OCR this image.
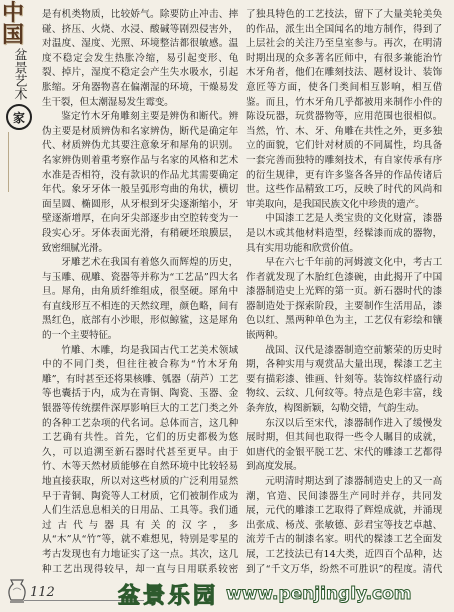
中国
盆景艺术
家

是有机类物质，比较娇气。除要防止冲击、摔碰、挤压、火烧、水浸、酸碱等剧烈侵害外，对温度、湿度、光照、环境整洁都很敏感。温度不稳定会发生热胀冷缩，易引起变形、龟裂、掉片，湿度不稳定会产生失水吸水，引起胀缩。牙角器物喜在偏潮湿的环境，干燥易发生干裂，但太潮湿易发生霉变。

鉴定竹木牙角雕刻主要是辨伪和断代。辨伪主要是材质辨伪和名家辨伪，断代是确定年代、材质辨伪尤其要注意象牙和犀角的识别。名家辨伪则着重考察作品与名家的风格和艺术水准是否相符，没有款识的作品尤其需要确定年代。象牙牙体一般呈弧形弯曲的角状，横切面呈圆、椭圆形，从牙根到牙尖逐渐缩小，牙壁逐渐增厚，在向牙尖部逐步由空腔转变为一段实心牙。牙体表面光滑，有稍硬坯琅膜层，致密细腻光滑。

牙雕艺术在我国有着悠久而辉煌的历史，与玉雕、砚雕、瓷器等并称为“工艺品”四大名旦。犀角，由角质纤维组成，很坚硬。犀角中有直线形互不相连的天然纹理，颜色略，间有黑红色，底部有小沙眼，形似鲸鲨，这是犀角的一个主要特征。

竹雕、木雕，均是我国古代工艺美术领域中的不同门类，但往往被合称为“竹木牙角雕”，有时甚至还将果核雕、瓠器（葫芦）工艺等也囊括于内，成为在青铜、陶瓷、玉器、金银器等传统摆件深厚影响巨大的工艺门类之外的各种工艺杂项的代名词。总体而言，这几种工艺确有共性。首先，它们的历史都极为悠久，可以追溯至新石器时代甚至更早。由于竹、木等天然材质能够在自然环境中比较轻易地直接获取，所以对这些材质的广泛利用显然早于青铜、陶瓷等人工材质，它们被制作成为人们生活息息相关的日用品、工具等。我们通过古代与器具有关的汉字，多从“木”从“竹”等，就不难想见，特别是零星的考古发现也有力地证实了这一点。其次，这几种工艺出现得较早，却一直与日用联系较密

了独具特色的工艺技法，留下了大量美轮美奂的作品，派生出全国闻名的地方制作，得到了上层社会的关注乃至皇室参与。再次，在明清时期出现的众多著名匠师中，有很多兼能治竹木牙角者，他们在雕刻技法、题材设计、装饰意匠等方面，使各门类间相互影响，相互借鉴。而且，竹木牙角几乎都被用来制作小件的陈设玩器，玩赏器物等，应用范围也很相似。当然，竹、木、牙、角雕在共性之外，更多独立的面貌，它们针对材质的不同属性，均具备一套完善而独特的雕刻技术，有自家传承有序的衍生规律，更有许多鉴各各异的作品传诸后世。这些作品精致工巧，反映了时代的风尚和审美取向，是我国民族文化中珍贵的遗产。

中国漆工艺是人类宝贵的文化财富，漆器是以木或其他材料造型，经髹漆而成的器物，具有实用功能和欣赏价值。

早在六七千年前的河姆渡文化中，考古工作者就发现了木胎红色漆碗，由此揭开了中国漆器制造史上光辉的第一页。新石器时代的漆器制造处于探索阶段，主要制作生活用品，漆色以红、黑两种单色为主，工艺仅有彩绘和镶嵌两种。

战国、汉代是漆器制造空前繁荣的历史时期，各种实用与观赏品大量出现，髹漆工艺主要有描彩漆、锥画、针刻等。装饰纹样盛行动物纹、云纹、几何纹等。特点是色彩丰富，线条奔放，构图新颖，勾勒交错，气韵生动。

东汉以后至宋代，漆器制作进入了缓慢发展时期，但其间也取得一些令人瞩目的成就，如唐代的金银平脱工艺、宋代的雕漆工艺都得到高度发展。

元明清时期达到了漆器制造史上的又一高潮，官造、民间漆器生产同时并存，共同发展，元代的雕漆工艺取得了辉煌成就，并涌现出张成、杨茂、张敏德、彭君宝等技艺卓越、流芳千古的制漆名家。明代的髹漆工艺全面发展，工艺技法已有14大类，近四百个品种，达到了“千文万华，纷然不可胜识”的程度。清代

112	盆景乐园 www.penjingly.com
